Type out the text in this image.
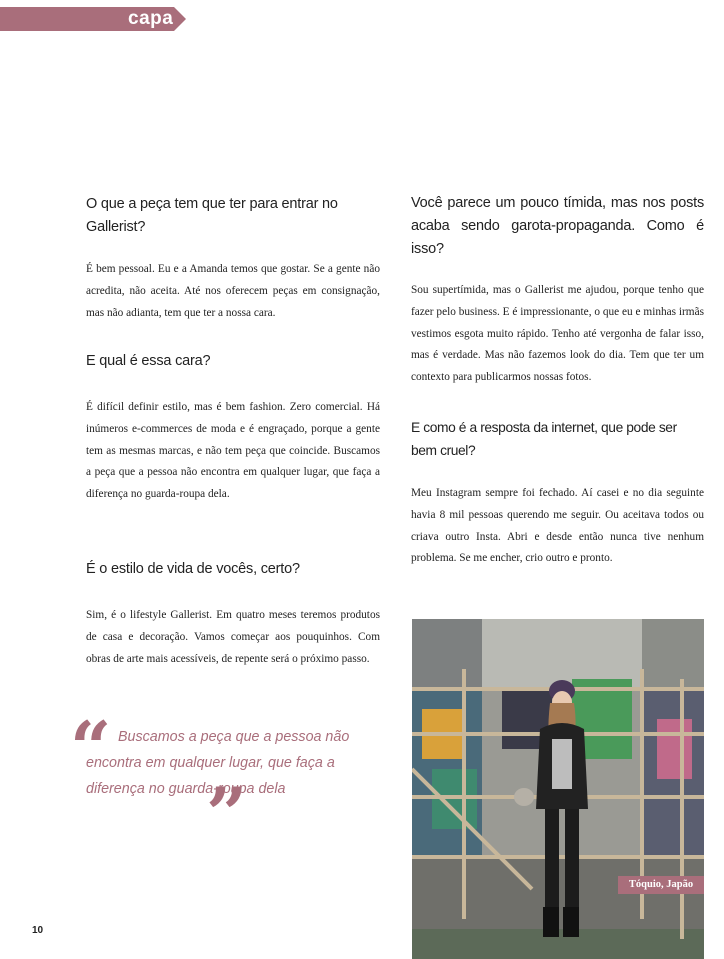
capa

O que a peça tem que ter para entrar no Gallerist?

É bem pessoal. Eu e a Amanda temos que gostar. Se a gente não acredita, não aceita. Até nos oferecem peças em consignação, mas não adianta, tem que ter a nossa cara.

E qual é essa cara?

É difícil definir estilo, mas é bem fashion. Zero comercial. Há inúmeros e-commerces de moda e é engraçado, porque a gente tem as mesmas marcas, e não tem peça que coincide. Buscamos a peça que a pessoa não encontra em qualquer lugar, que faça a diferença no guarda-roupa dela.

É o estilo de vida de vocês, certo?

Sim, é o lifestyle Gallerist. Em quatro meses teremos produtos de casa e decoração. Vamos começar aos pouquinhos. Com obras de arte mais acessíveis, de repente será o próximo passo.

“ Buscamos a peça que a pessoa não encontra em qualquer lugar, que faça a diferença no guarda-roupa dela

”

Você parece um pouco tímida, mas nos posts acaba sendo garota-propaganda. Como é isso?

Sou supertímida, mas o Gallerist me ajudou, porque tenho que fazer pelo business. E é impressionante, o que eu e minhas irmãs vestimos esgota muito rápido. Tenho até vergonha de falar isso, mas é verdade. Mas não fazemos look do dia. Tem que ter um contexto para publicarmos nossas fotos.

E como é a resposta da internet, que pode ser bem cruel?

Meu Instagram sempre foi fechado. Aí casei e no dia seguinte havia 8 mil pessoas querendo me seguir. Ou aceitava todos ou criava outro Insta. Abri e desde então nunca tive nenhum problema. Se me encher, crio outro e pronto.

Tóquio, Japão
10
